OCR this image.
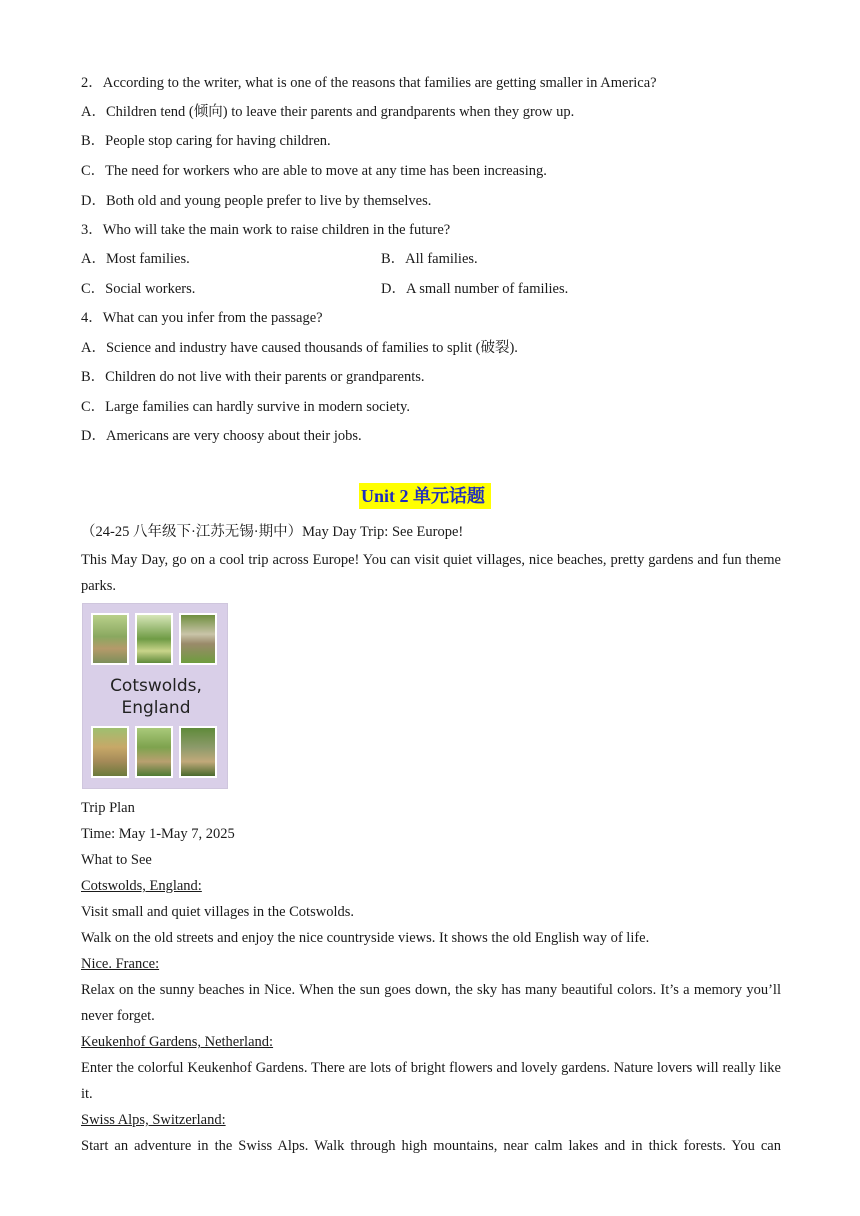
2．According to the writer, what is one of the reasons that families are getting smaller in America?
A．Children tend (倾向) to leave their parents and grandparents when they grow up.
B．People stop caring for having children.
C．The need for workers who are able to move at any time has been increasing.
D．Both old and young people prefer to live by themselves.
3．Who will take the main work to raise children in the future?
A．Most families.	B．All families.
C．Social workers.	D．A small number of families.
4．What can you infer from the passage?
A．Science and industry have caused thousands of families to split (破裂).
B．Children do not live with their parents or grandparents.
C．Large families can hardly survive in modern society.
D．Americans are very choosy about their jobs.
Unit 2 单元话题
（24-25 八年级下·江苏无锡·期中）May Day Trip: See Europe!
This May Day, go on a cool trip across Europe! You can visit quiet villages, nice beaches, pretty gardens and fun theme parks.
Cotswolds,
England
Trip Plan
Time: May 1-May 7, 2025
What to See
Cotswolds, England:
Visit small and quiet villages in the Cotswolds.
Walk on the old streets and enjoy the nice countryside views. It shows the old English way of life.
Nice. France:
Relax on the sunny beaches in Nice. When the sun goes down, the sky has many beautiful colors. It’s a memory you’ll never forget.
Keukenhof Gardens, Netherland:
Enter the colorful Keukenhof Gardens. There are lots of bright flowers and lovely gardens. Nature lovers will really like it.
Swiss Alps, Switzerland:
Start an adventure in the Swiss Alps. Walk through high mountains, near calm lakes and in thick forests. You can
